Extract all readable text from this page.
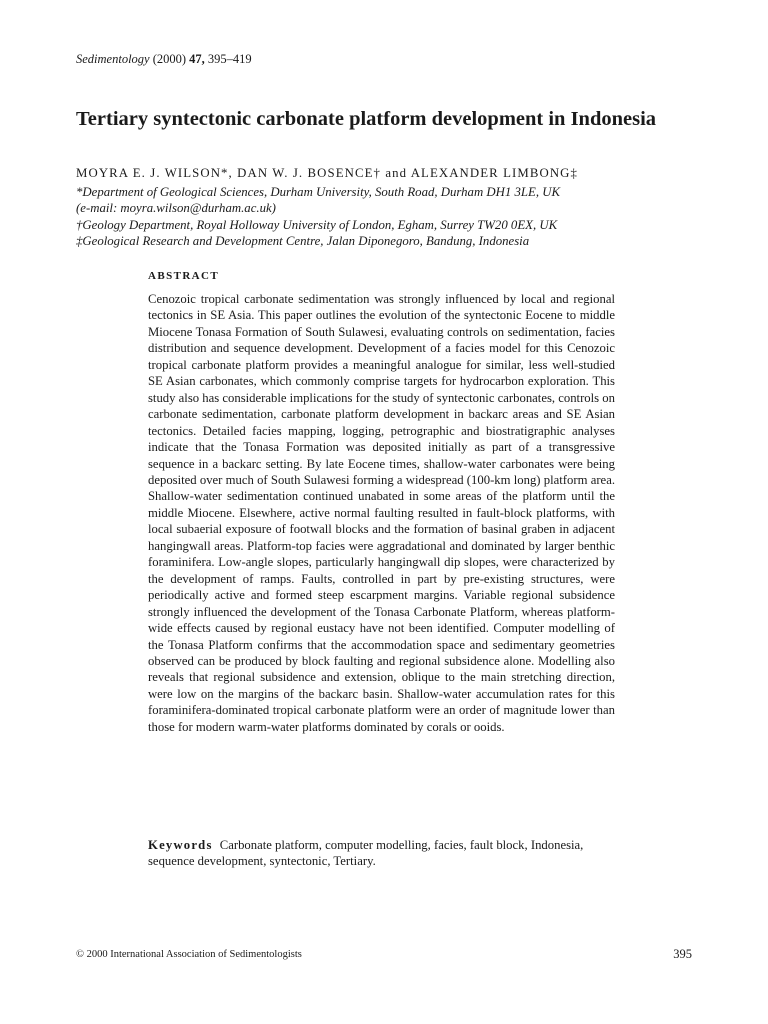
Sedimentology (2000) 47, 395–419
Tertiary syntectonic carbonate platform development in Indonesia
MOYRA E. J. WILSON*, DAN W. J. BOSENCE† and ALEXANDER LIMBONG‡
*Department of Geological Sciences, Durham University, South Road, Durham DH1 3LE, UK
(e-mail: moyra.wilson@durham.ac.uk)
†Geology Department, Royal Holloway University of London, Egham, Surrey TW20 0EX, UK
‡Geological Research and Development Centre, Jalan Diponegoro, Bandung, Indonesia
ABSTRACT

Cenozoic tropical carbonate sedimentation was strongly influenced by local and regional tectonics in SE Asia. This paper outlines the evolution of the syntectonic Eocene to middle Miocene Tonasa Formation of South Sulawesi, evaluating controls on sedimentation, facies distribution and sequence development. Development of a facies model for this Cenozoic tropical carbonate platform provides a meaningful analogue for similar, less well-studied SE Asian carbonates, which commonly comprise targets for hydrocarbon exploration. This study also has considerable implications for the study of syntectonic carbonates, controls on carbonate sedimentation, carbonate platform development in backarc areas and SE Asian tectonics. Detailed facies mapping, logging, petrographic and biostratigraphic analyses indicate that the Tonasa Formation was deposited initially as part of a transgressive sequence in a backarc setting. By late Eocene times, shallow-water carbonates were being deposited over much of South Sulawesi forming a widespread (100-km long) platform area. Shallow-water sedimentation continued unabated in some areas of the platform until the middle Miocene. Elsewhere, active normal faulting resulted in fault-block platforms, with local subaerial exposure of footwall blocks and the formation of basinal graben in adjacent hangingwall areas. Platform-top facies were aggradational and dominated by larger benthic foraminifera. Low-angle slopes, particularly hangingwall dip slopes, were characterized by the development of ramps. Faults, controlled in part by pre-existing structures, were periodically active and formed steep escarpment margins. Variable regional subsidence strongly influenced the development of the Tonasa Carbonate Platform, whereas platform-wide effects caused by regional eustacy have not been identified. Computer modelling of the Tonasa Platform confirms that the accommodation space and sedimentary geometries observed can be produced by block faulting and regional subsidence alone. Modelling also reveals that regional subsidence and extension, oblique to the main stretching direction, were low on the margins of the backarc basin. Shallow-water accumulation rates for this foraminifera-dominated tropical carbonate platform were an order of magnitude lower than those for modern warm-water platforms dominated by corals or ooids.

Keywords Carbonate platform, computer modelling, facies, fault block, Indonesia, sequence development, syntectonic, Tertiary.

© 2000 International Association of Sedimentologists	395
